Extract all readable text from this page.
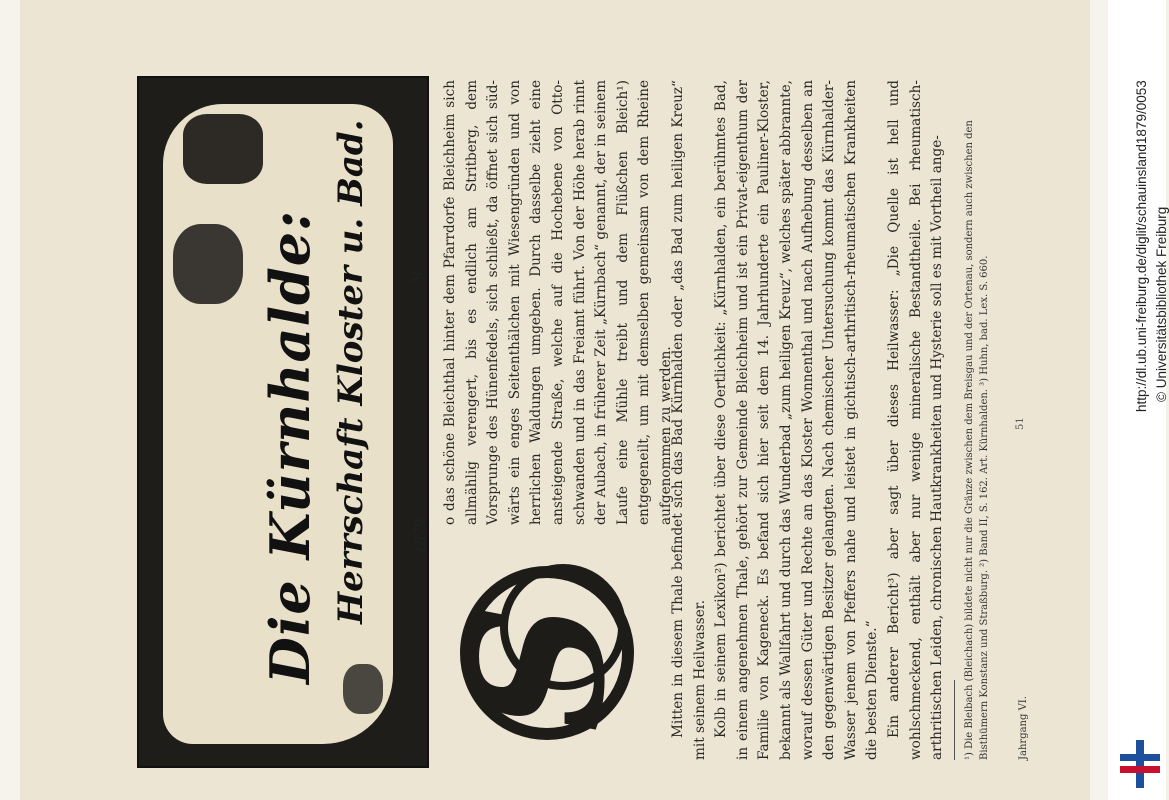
Die Kürnhalde: Herrschaft Kloster u. Bad.	1879
M.
S

o das schöne Bleichthal hinter dem Pfarrdorfe Bleichheim sich allmählig verengert, bis es endlich am Stritberg, dem Vorsprunge des Hünenfedels, sich schließt, da öffnet sich süd-wärts ein enges Seitenthälchen mit Wiesengründen und von herrlichen Waldungen umgeben. Durch dasselbe zieht eine ansteigende Straße, welche auf die Hochebene von Otto-schwanden und in das Freiamt führt. Von der Höhe herab rinnt der Aubach, in früherer Zeit „Kürnbach“ genannt, der in seinem Laufe eine Mühle treibt und dem Flüßchen Bleich¹) entgegeneilt, um mit demselben gemeinsam von dem Rheine aufgenommen zu werden.

Mitten in diesem Thale befindet sich das Bad Kürnhalden oder „das Bad zum heiligen Kreuz“ mit seinem Heilwasser. Kolb in seinem Lexikon²) berichtet über diese Oertlichkeit: „Kürnhalden, ein berühmtes Bad, in einem angenehmen Thale, gehört zur Gemeinde Bleichheim und ist ein Privat-eigenthum der Familie von Kageneck. Es befand sich hier seit dem 14. Jahrhunderte ein Pauliner-Kloster, bekannt als Wallfahrt und durch das Wunderbad „zum heiligen Kreuz“, welches später abbrannte, worauf dessen Güter und Rechte an das Kloster Wonnenthal und nach Aufhebung desselben an den gegenwärtigen Besitzer gelangten. Nach chemischer Untersuchung kommt das Kürnhalder-Wasser jenem von Pfeffers nahe und leistet in gichtisch-arthritisch-rheumatischen Krankheiten die besten Dienste.“ Ein anderer Bericht³) aber sagt über dieses Heilwasser: „Die Quelle ist hell und wohlschmeckend, enthält aber nur wenige mineralische Bestandtheile. Bei rheumatisch-arthritischen Leiden, chronischen Hautkrankheiten und Hysterie soll es mit Vortheil ange-	¹) Die Bleibach (Bleichach) bildete nicht nur die Gränze zwischen dem Breisgau und der Ortenau, sondern auch zwischen den Bisthümern Konstanz und Straßburg. ²) Band II, S. 162. Art. Kürnhalden. ³) Huhn, bad. Lex. S. 660.	Jahrgang VI.
51
http://dl.ub.uni-freiburg.de/diglit/schauinsland1879/0053 © Universitätsbibliothek Freiburg
